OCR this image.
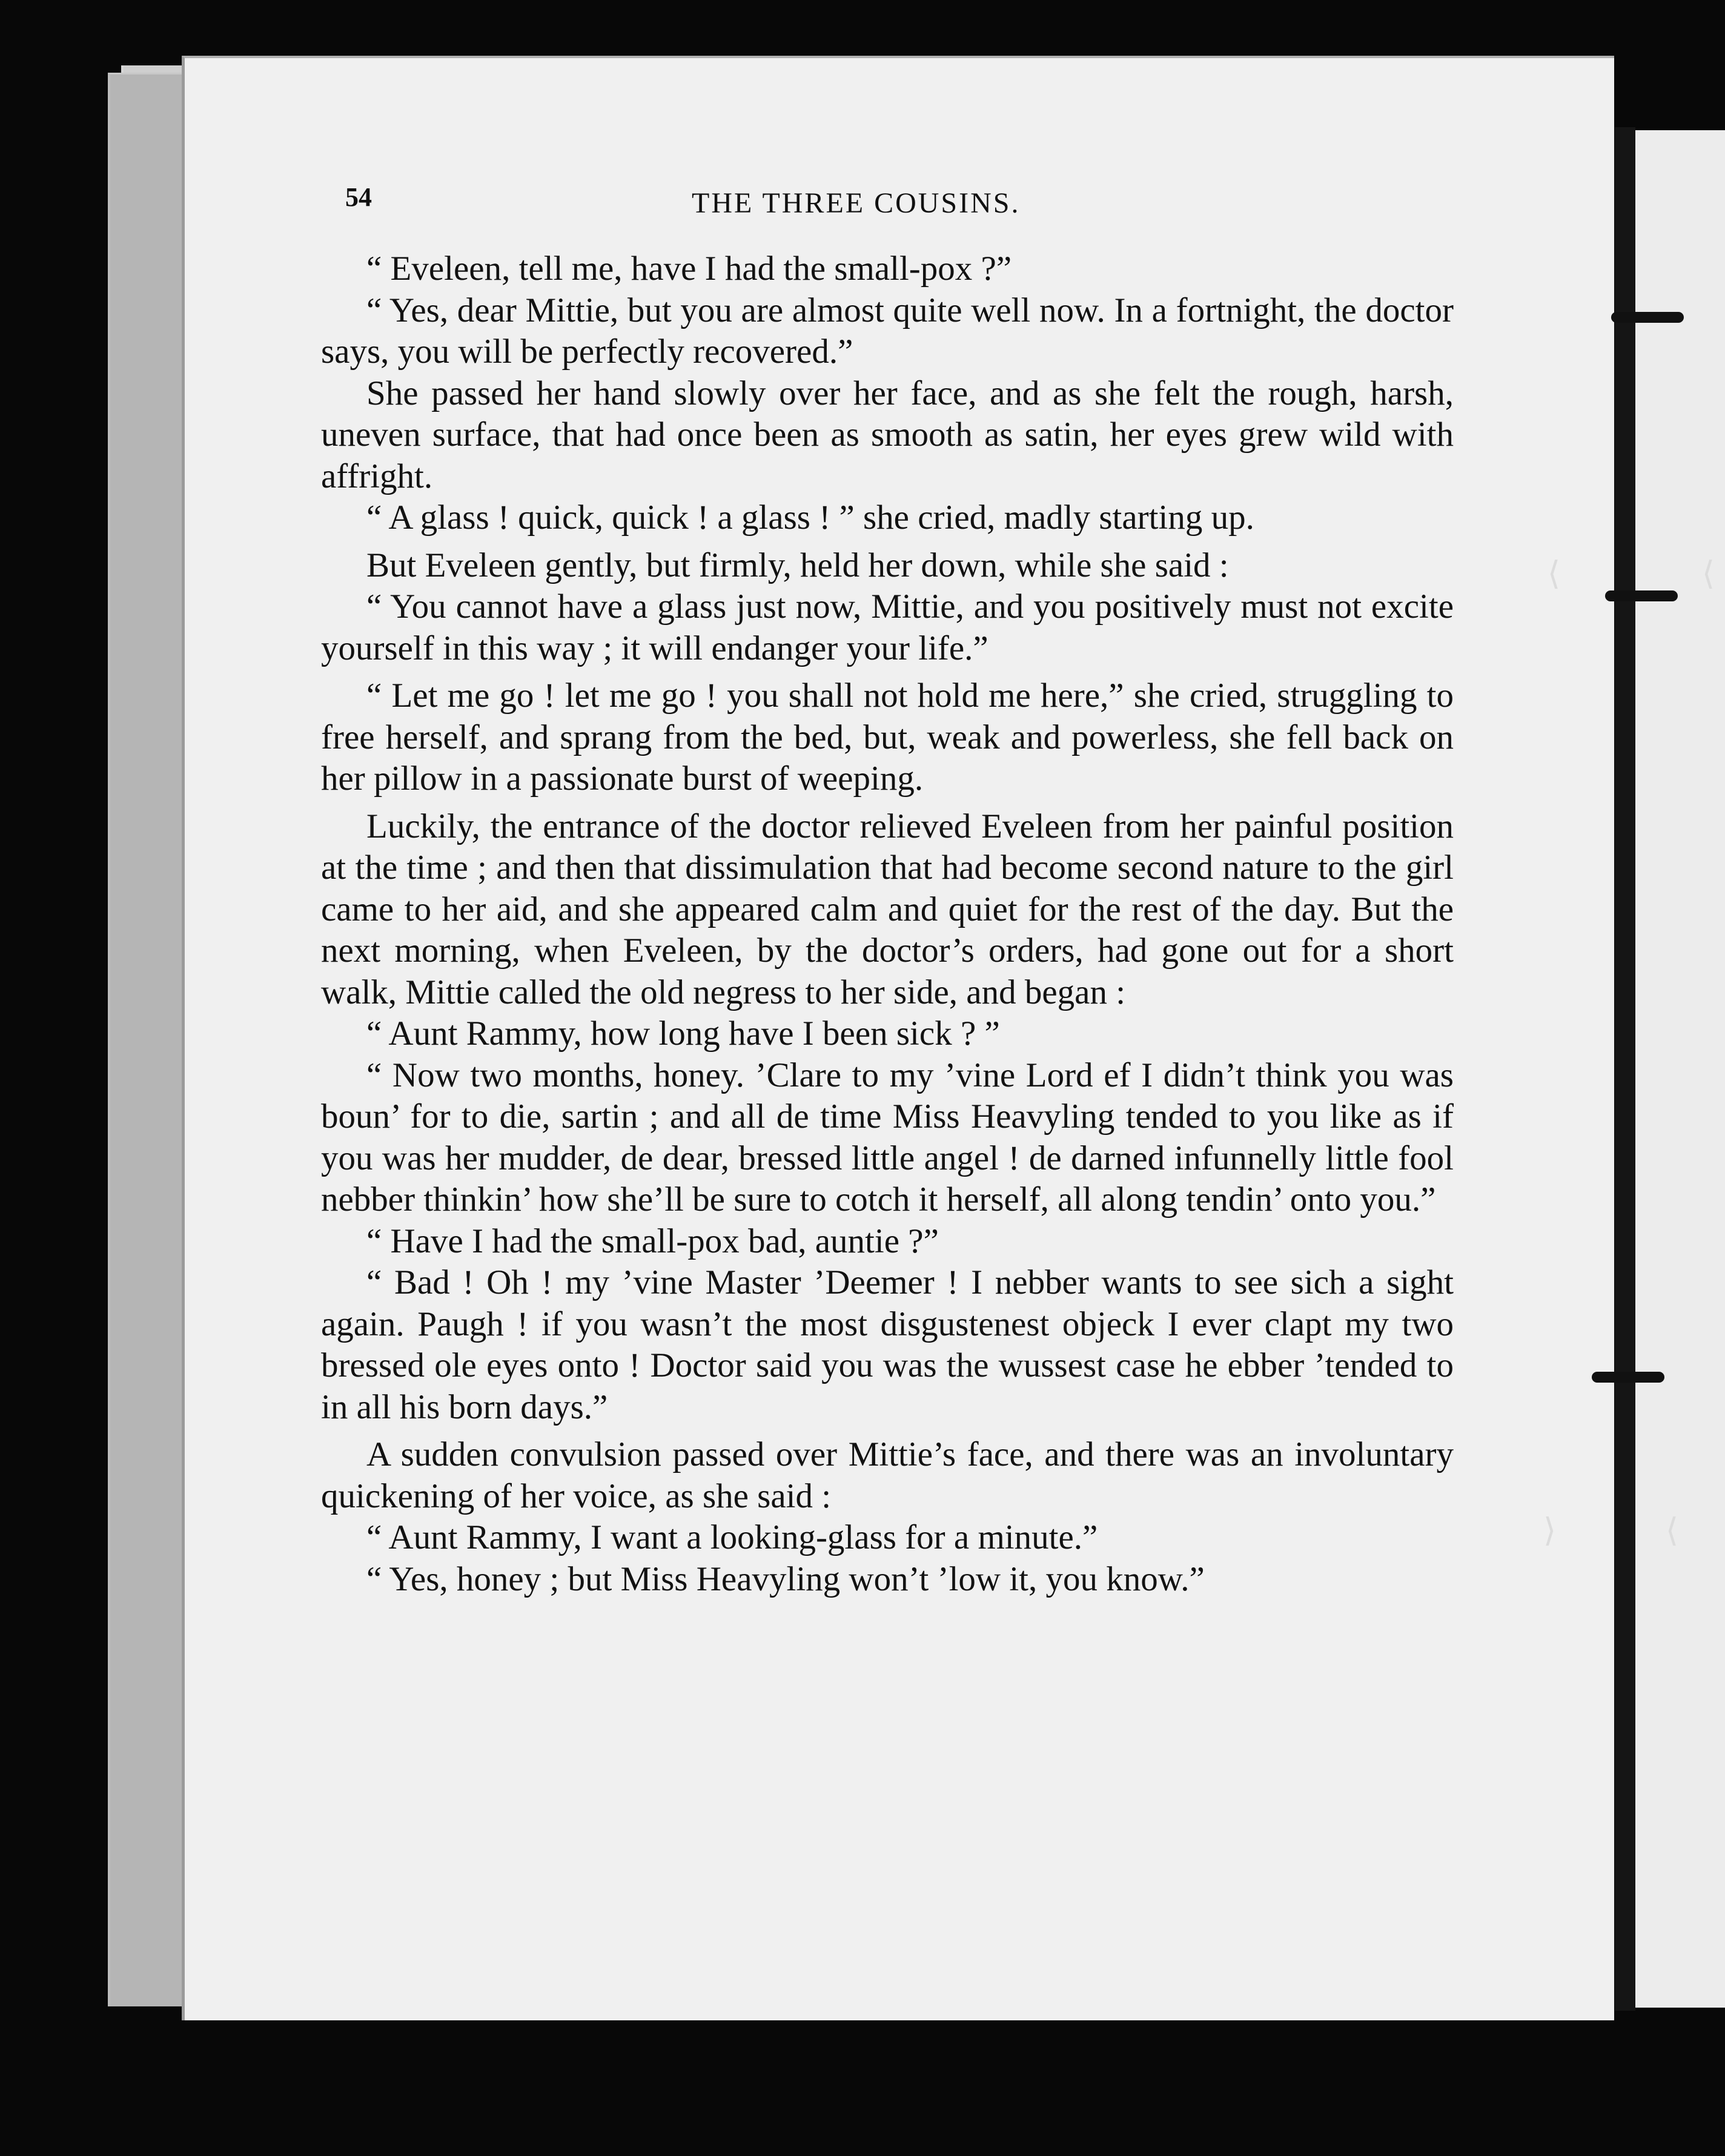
⟨	⟨
⟩	⟨
54	THE THREE COUSINS.

“ Eveleen, tell me, have I had the small-pox ?”

“ Yes, dear Mittie, but you are almost quite well now. In a fortnight, the doctor says, you will be perfectly recovered.”

She passed her hand slowly over her face, and as she felt the rough, harsh, uneven surface, that had once been as smooth as satin, her eyes grew wild with affright.

“ A glass ! quick, quick ! a glass ! ” she cried, madly starting up.

But Eveleen gently, but firmly, held her down, while she said :

“ You cannot have a glass just now, Mittie, and you positively must not excite yourself in this way ; it will endanger your life.”

“ Let me go ! let me go ! you shall not hold me here,” she cried, struggling to free herself, and sprang from the bed, but, weak and powerless, she fell back on her pillow in a passionate burst of weeping.

Luckily, the entrance of the doctor relieved Eveleen from her painful position at the time ; and then that dissimulation that had become second nature to the girl came to her aid, and she appeared calm and quiet for the rest of the day. But the next morning, when Eveleen, by the doctor’s orders, had gone out for a short walk, Mittie called the old negress to her side, and began :

“ Aunt Rammy, how long have I been sick ? ”

“ Now two months, honey. ’Clare to my ’vine Lord ef I didn’t think you was boun’ for to die, sartin ; and all de time Miss Heavyling tended to you like as if you was her mudder, de dear, bressed little angel ! de darned infunnelly little fool nebber thinkin’ how she’ll be sure to cotch it herself, all along tendin’ onto you.”

“ Have I had the small-pox bad, auntie ?”

“ Bad ! Oh ! my ’vine Master ’Deemer ! I nebber wants to see sich a sight again. Paugh ! if you wasn’t the most disgustenest objeck I ever clapt my two bressed ole eyes onto ! Doctor said you was the wussest case he ebber ’tended to in all his born days.”

A sudden convulsion passed over Mittie’s face, and there was an involuntary quickening of her voice, as she said :

“ Aunt Rammy, I want a looking-glass for a minute.”

“ Yes, honey ; but Miss Heavyling won’t ’low it, you know.”
